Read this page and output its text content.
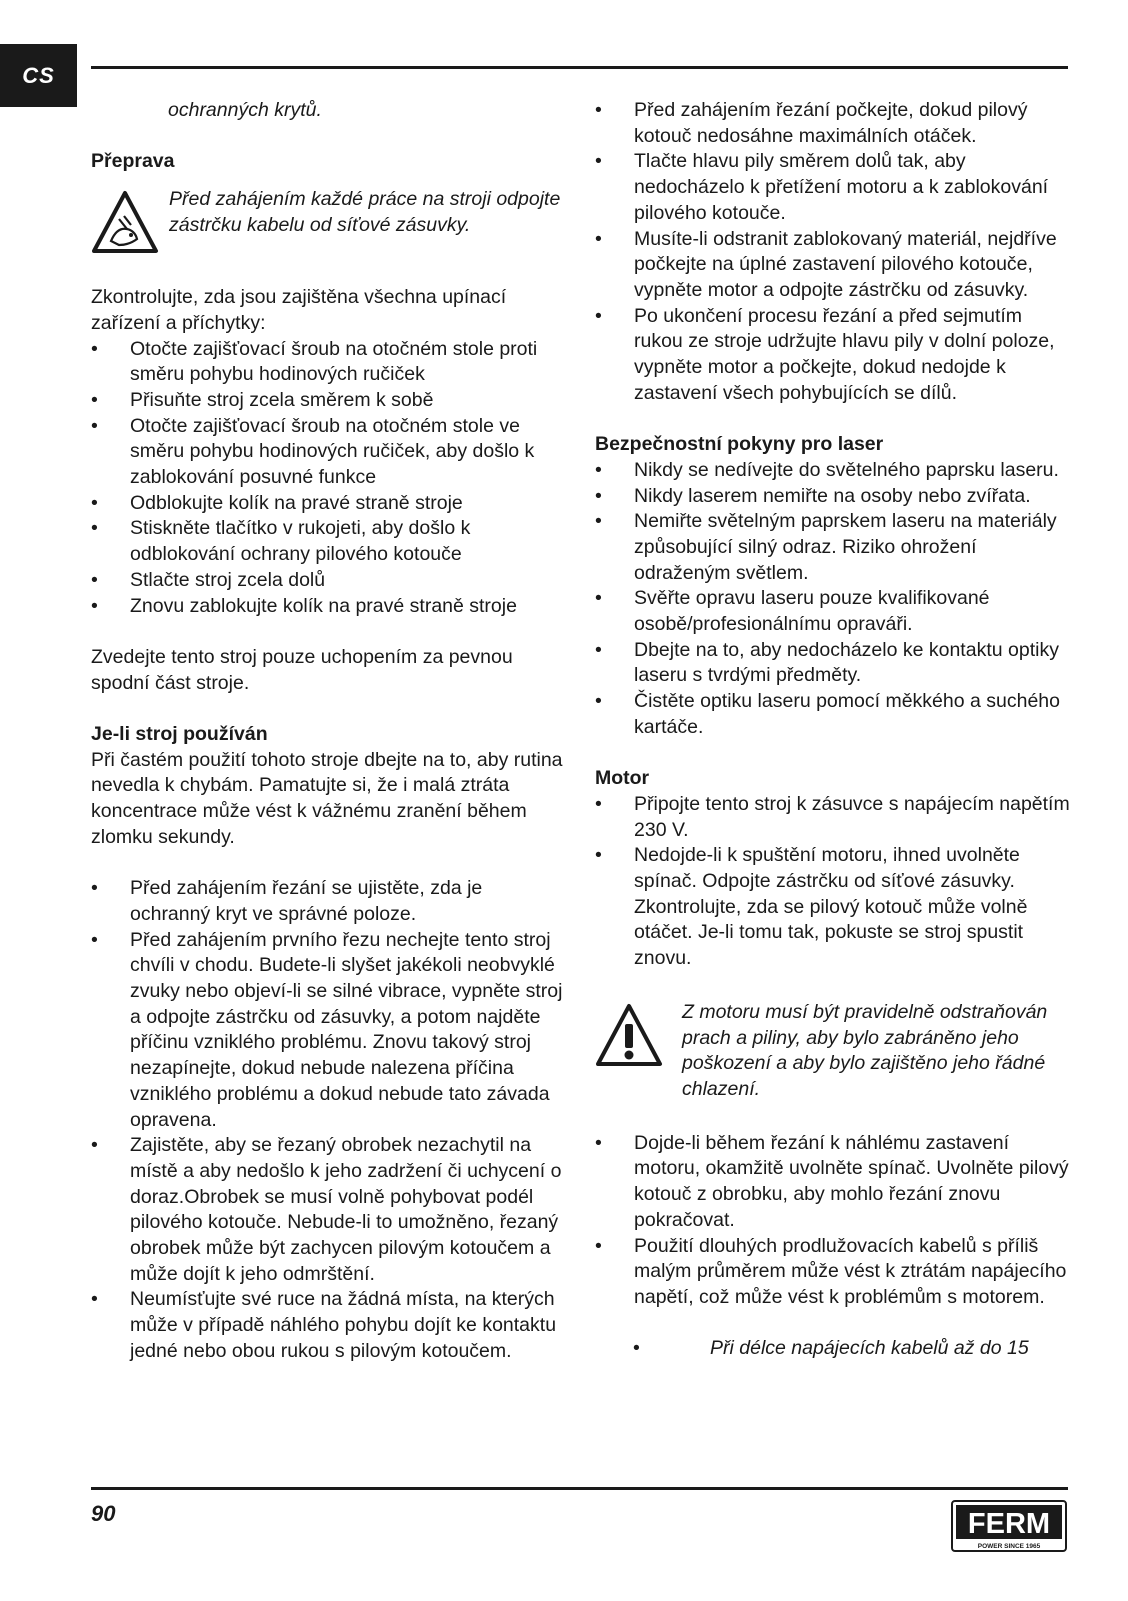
CS

ochranných krytů.

Přeprava

Před zahájením každé práce na stroji odpojte zástrčku kabelu od síťové zásuvky.

Zkontrolujte, zda jsou zajištěna všechna upínací zařízení a příchytky:

• Otočte zajišťovací šroub na otočném stole proti směru pohybu hodinových ručiček
• Přisuňte stroj zcela směrem k sobě
• Otočte zajišťovací šroub na otočném stole ve směru pohybu hodinových ručiček, aby došlo k zablokování posuvné funkce
• Odblokujte kolík na pravé straně stroje
• Stiskněte tlačítko v rukojeti, aby došlo k odblokování ochrany pilového kotouče
• Stlačte stroj zcela dolů
• Znovu zablokujte kolík na pravé straně stroje

Zvedejte tento stroj pouze uchopením za pevnou spodní část stroje.

Je-li stroj používán

Při častém použití tohoto stroje dbejte na to, aby rutina nevedla k chybám. Pamatujte si, že i malá ztráta koncentrace může vést k vážnému zranění během zlomku sekundy.

• Před zahájením řezání se ujistěte, zda je ochranný kryt ve správné poloze.
• Před zahájením prvního řezu nechejte tento stroj chvíli v chodu. Budete-li slyšet jakékoli neobvyklé zvuky nebo objeví-li se silné vibrace, vypněte stroj a odpojte zástrčku od zásuvky, a potom najděte příčinu vzniklého problému. Znovu takový stroj nezapínejte, dokud nebude nalezena příčina vzniklého problému a dokud nebude tato závada opravena.
• Zajistěte, aby se řezaný obrobek nezachytil na místě a aby nedošlo k jeho zadržení či uchycení o doraz.Obrobek se musí volně pohybovat podél pilového kotouče. Nebude-li to umožněno, řezaný obrobek může být zachycen pilovým kotoučem a může dojít k jeho odmrštění.
• Neumísťujte své ruce na žádná místa, na kterých může v případě náhlého pohybu dojít ke kontaktu jedné nebo obou rukou s pilovým kotoučem.
• Před zahájením řezání počkejte, dokud pilový kotouč nedosáhne maximálních otáček.
• Tlačte hlavu pily směrem dolů tak, aby nedocházelo k přetížení motoru a k zablokování pilového kotouče.
• Musíte-li odstranit zablokovaný materiál, nejdříve počkejte na úplné zastavení pilového kotouče, vypněte motor a odpojte zástrčku od zásuvky.
• Po ukončení procesu řezání a před sejmutím rukou ze stroje udržujte hlavu pily v dolní poloze, vypněte motor a počkejte, dokud nedojde k zastavení všech pohybujících se dílů.

Bezpečnostní pokyny pro laser

• Nikdy se nedívejte do světelného paprsku laseru.
• Nikdy laserem nemiřte na osoby nebo zvířata.
• Nemiřte světelným paprskem laseru na materiály způsobující silný odraz. Riziko ohrožení odraženým světlem.
• Svěřte opravu laseru pouze kvalifikované osobě/profesionálnímu opraváři.
• Dbejte na to, aby nedocházelo ke kontaktu optiky laseru s tvrdými předměty.
• Čistěte optiku laseru pomocí měkkého a suchého kartáče.

Motor

• Připojte tento stroj k zásuvce s napájecím napětím 230 V.
• Nedojde-li k spuštění motoru, ihned uvolněte spínač. Odpojte zástrčku od síťové zásuvky. Zkontrolujte, zda se pilový kotouč může volně otáčet. Je-li tomu tak, pokuste se stroj spustit znovu.

Z motoru musí být pravidelně odstraňován prach a piliny, aby bylo zabráněno jeho poškození a aby bylo zajištěno jeho řádné chlazení.

• Dojde-li během řezání k náhlému zastavení motoru, okamžitě uvolněte spínač. Uvolněte pilový kotouč z obrobku, aby mohlo řezání znovu pokračovat.
• Použití dlouhých prodlužovacích kabelů s příliš malým průměrem může vést k ztrátám napájecího napětí, což může vést k problémům s motorem.

•	Při délce napájecích kabelů až do 15

90	FERM
POWER SINCE 1965
